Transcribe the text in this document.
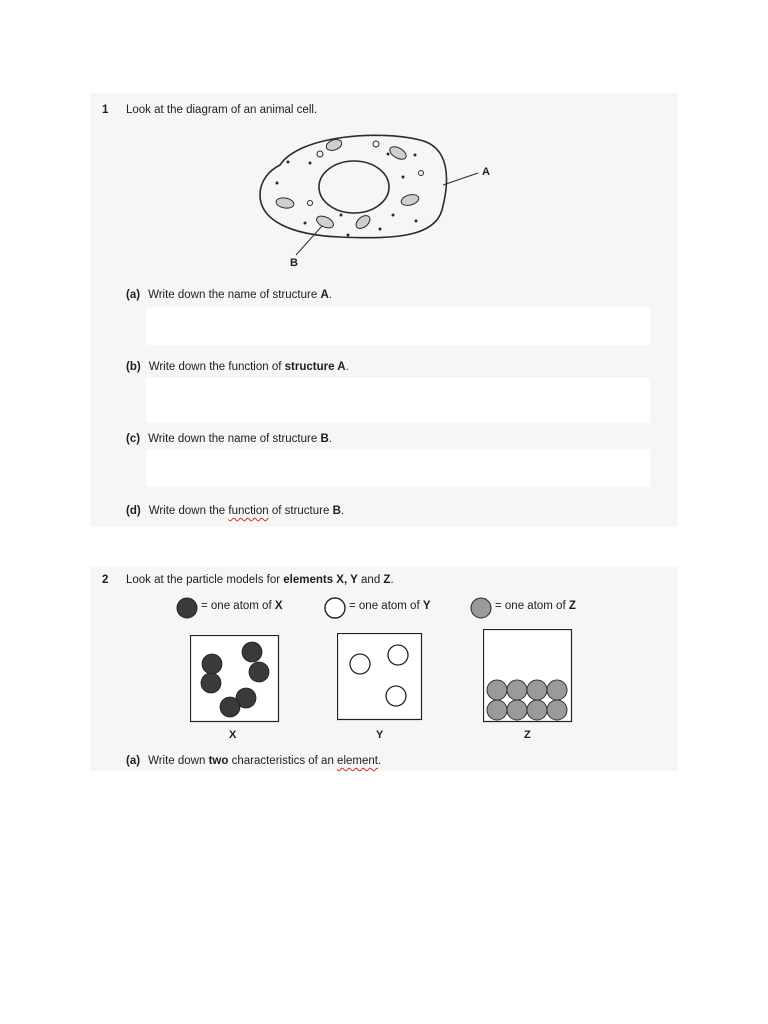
1 Look at the diagram of an animal cell.
A
B
(a) Write down the name of structure A.
(b) Write down the function of structure A.
(c) Write down the name of structure B.
(d) Write down the function of structure B.
2 Look at the particle models for elements X, Y and Z.
= one atom of X	= one atom of Y	= one atom of Z
X	Y	Z
(a) Write down two characteristics of an element.
